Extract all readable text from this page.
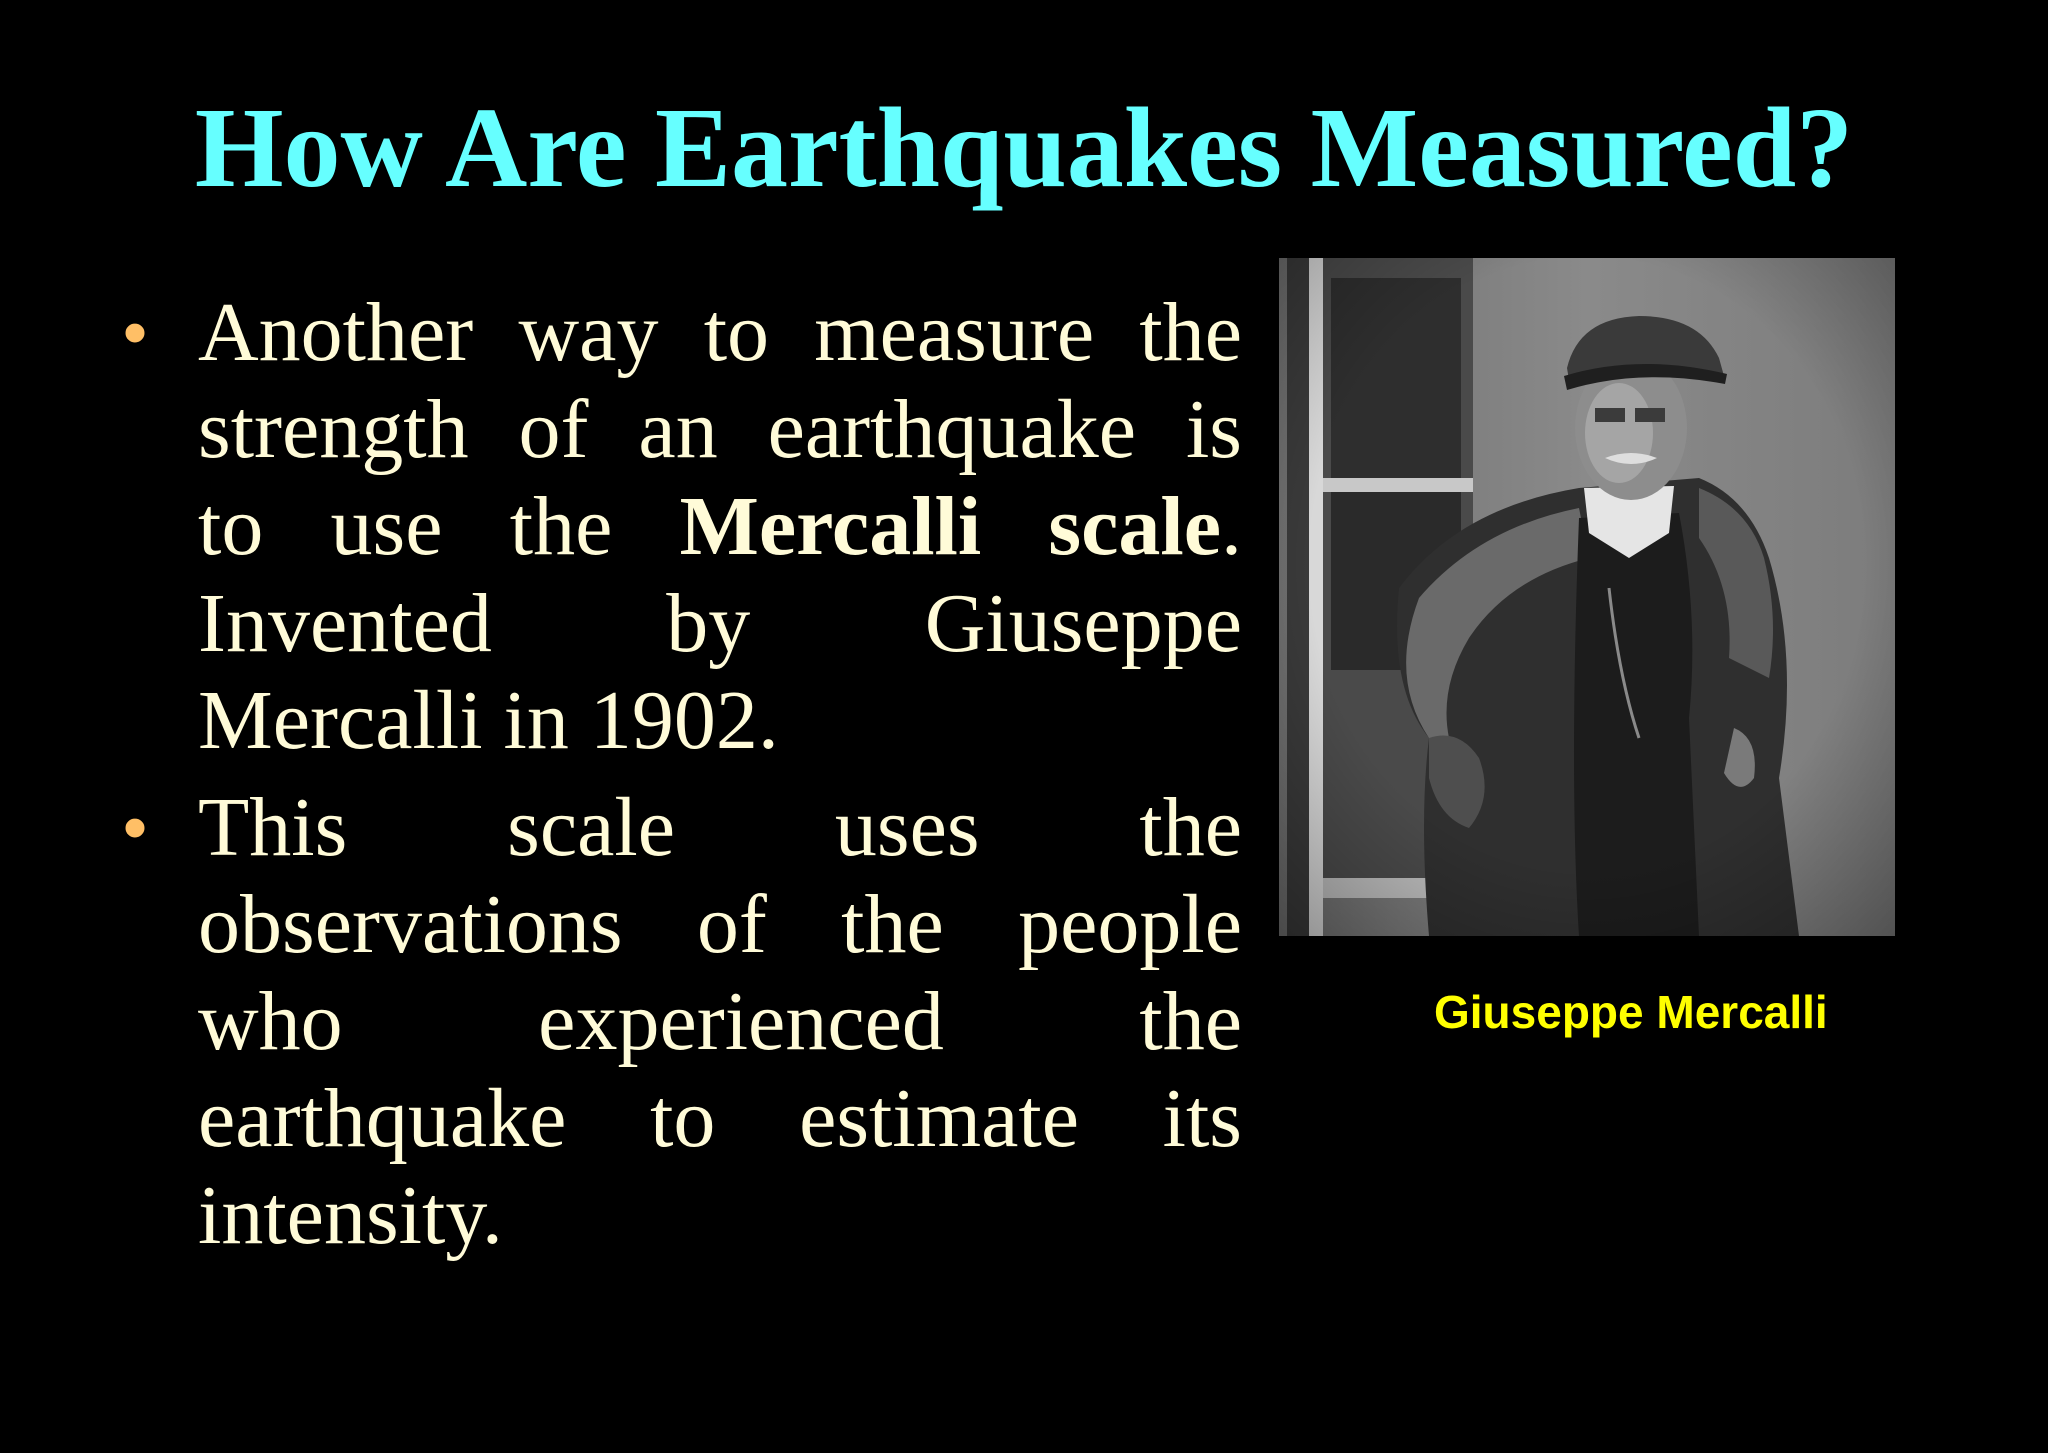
How Are Earthquakes Measured?
• Another way to measure the
strength of an earthquake is
to use the Mercalli scale.
Invented by Giuseppe
Mercalli in 1902.
• This scale uses the
observations of the people
who experienced the
earthquake to estimate its
intensity.
Giuseppe Mercalli
